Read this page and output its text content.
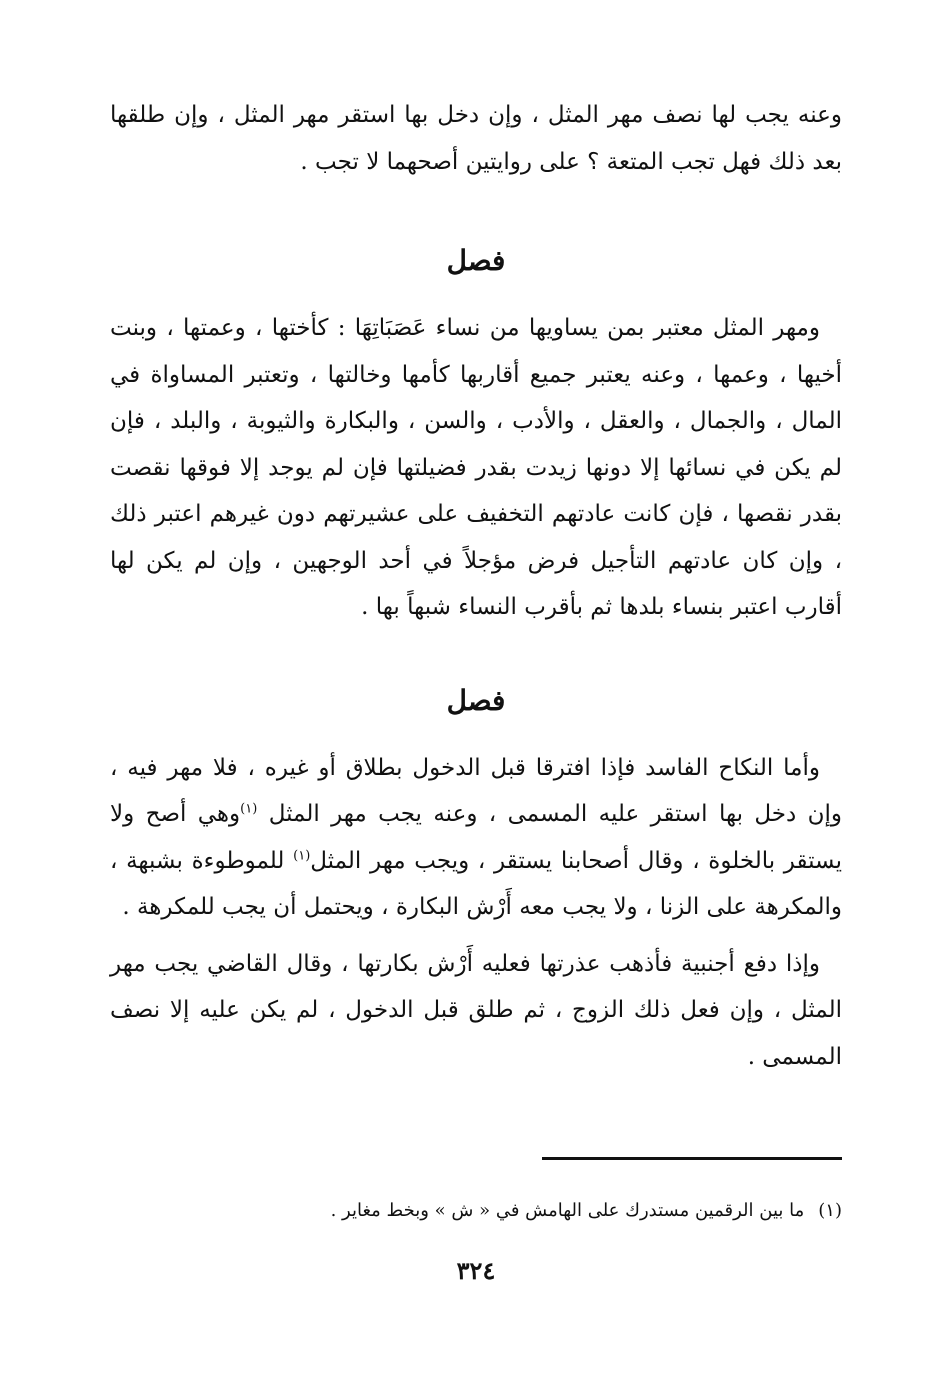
وعنه يجب لها نصف مهر المثل ، وإن دخل بها استقر مهر المثل ، وإن طلقها بعد ذلك فهل تجب المتعة ؟ على روايتين أصحهما لا تجب .

فصل

ومهر المثل معتبر بمن يساويها من نساء عَصَبَاتِهَا : كأختها ، وعمتها ، وبنت أخيها ، وعمها ، وعنه يعتبر جميع أقاربها كأمها وخالتها ، وتعتبر المساواة في المال ، والجمال ، والعقل ، والأدب ، والسن ، والبكارة والثيوبة ، والبلد ، فإن لم يكن في نسائها إلا دونها زيدت بقدر فضيلتها فإن لم يوجد إلا فوقها نقصت بقدر نقصها ، فإن كانت عادتهم التخفيف على عشيرتهم دون غيرهم اعتبر ذلك ، وإن كان عادتهم التأجيل فرض مؤجلاً في أحد الوجهين ، وإن لم يكن لها أقارب اعتبر بنساء بلدها ثم بأقرب النساء شبهاً بها .

فصل

وأما النكاح الفاسد فإذا افترقا قبل الدخول بطلاق أو غيره ، فلا مهر فيه ، وإن دخل بها استقر عليه المسمى ، وعنه يجب مهر المثل $^{(١)}$وهي أصح ولا يستقر بالخلوة ، وقال أصحابنا يستقر ، ويجب مهر المثل$^{(١)}$ للموطوءة بشبهة ، والمكرهة على الزنا ، ولا يجب معه أَرْش البكارة ، ويحتمل أن يجب للمكرهة .

وإذا دفع أجنبية فأذهب عذرتها فعليه أَرْش بكارتها ، وقال القاضي يجب مهر المثل ، وإن فعل ذلك الزوج ، ثم طلق قبل الدخول ، لم يكن عليه إلا نصف المسمى .

(١)ما بين الرقمين مستدرك على الهامش في « ش » وبخط مغاير .
٣٢٤
